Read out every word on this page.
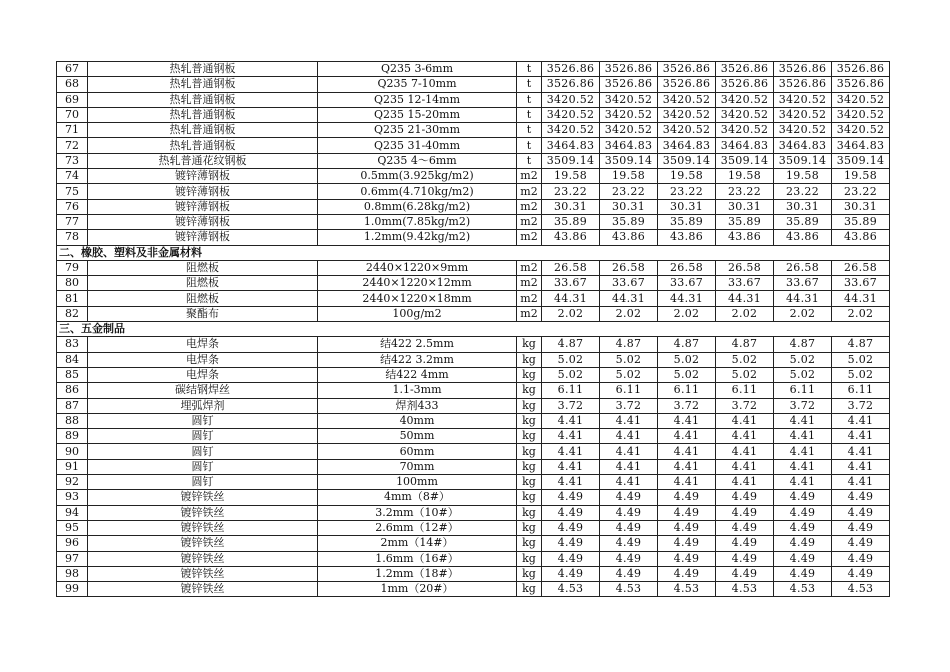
67	热轧普通钢板	Q235 3-6mm	t	3526.86	3526.86	3526.86	3526.86	3526.86	3526.86
68	热轧普通钢板	Q235 7-10mm	t	3526.86	3526.86	3526.86	3526.86	3526.86	3526.86
69	热轧普通钢板	Q235 12-14mm	t	3420.52	3420.52	3420.52	3420.52	3420.52	3420.52
70	热轧普通钢板	Q235 15-20mm	t	3420.52	3420.52	3420.52	3420.52	3420.52	3420.52
71	热轧普通钢板	Q235 21-30mm	t	3420.52	3420.52	3420.52	3420.52	3420.52	3420.52
72	热轧普通钢板	Q235 31-40mm	t	3464.83	3464.83	3464.83	3464.83	3464.83	3464.83
73	热轧普通花纹钢板	Q235 4～6mm	t	3509.14	3509.14	3509.14	3509.14	3509.14	3509.14
74	镀锌薄钢板	0.5mm(3.925kg/m2)	m2	19.58	19.58	19.58	19.58	19.58	19.58
75	镀锌薄钢板	0.6mm(4.710kg/m2)	m2	23.22	23.22	23.22	23.22	23.22	23.22
76	镀锌薄钢板	0.8mm(6.28kg/m2)	m2	30.31	30.31	30.31	30.31	30.31	30.31
77	镀锌薄钢板	1.0mm(7.85kg/m2)	m2	35.89	35.89	35.89	35.89	35.89	35.89
78	镀锌薄钢板	1.2mm(9.42kg/m2)	m2	43.86	43.86	43.86	43.86	43.86	43.86
二、橡胶、塑料及非金属材料									
79	阻燃板	2440×1220×9mm	m2	26.58	26.58	26.58	26.58	26.58	26.58
80	阻燃板	2440×1220×12mm	m2	33.67	33.67	33.67	33.67	33.67	33.67
81	阻燃板	2440×1220×18mm	m2	44.31	44.31	44.31	44.31	44.31	44.31
82	聚酯布	100g/m2	m2	2.02	2.02	2.02	2.02	2.02	2.02
三、五金制品									
83	电焊条	结422 2.5mm	kg	4.87	4.87	4.87	4.87	4.87	4.87
84	电焊条	结422 3.2mm	kg	5.02	5.02	5.02	5.02	5.02	5.02
85	电焊条	结422 4mm	kg	5.02	5.02	5.02	5.02	5.02	5.02
86	碳结钢焊丝	1.1-3mm	kg	6.11	6.11	6.11	6.11	6.11	6.11
87	埋弧焊剂	焊剂433	kg	3.72	3.72	3.72	3.72	3.72	3.72
88	圆钉	40mm	kg	4.41	4.41	4.41	4.41	4.41	4.41
89	圆钉	50mm	kg	4.41	4.41	4.41	4.41	4.41	4.41
90	圆钉	60mm	kg	4.41	4.41	4.41	4.41	4.41	4.41
91	圆钉	70mm	kg	4.41	4.41	4.41	4.41	4.41	4.41
92	圆钉	100mm	kg	4.41	4.41	4.41	4.41	4.41	4.41
93	镀锌铁丝	4mm（8#）	kg	4.49	4.49	4.49	4.49	4.49	4.49
94	镀锌铁丝	3.2mm（10#）	kg	4.49	4.49	4.49	4.49	4.49	4.49
95	镀锌铁丝	2.6mm（12#）	kg	4.49	4.49	4.49	4.49	4.49	4.49
96	镀锌铁丝	2mm（14#）	kg	4.49	4.49	4.49	4.49	4.49	4.49
97	镀锌铁丝	1.6mm（16#）	kg	4.49	4.49	4.49	4.49	4.49	4.49
98	镀锌铁丝	1.2mm（18#）	kg	4.49	4.49	4.49	4.49	4.49	4.49
99	镀锌铁丝	1mm（20#）	kg	4.53	4.53	4.53	4.53	4.53	4.53
